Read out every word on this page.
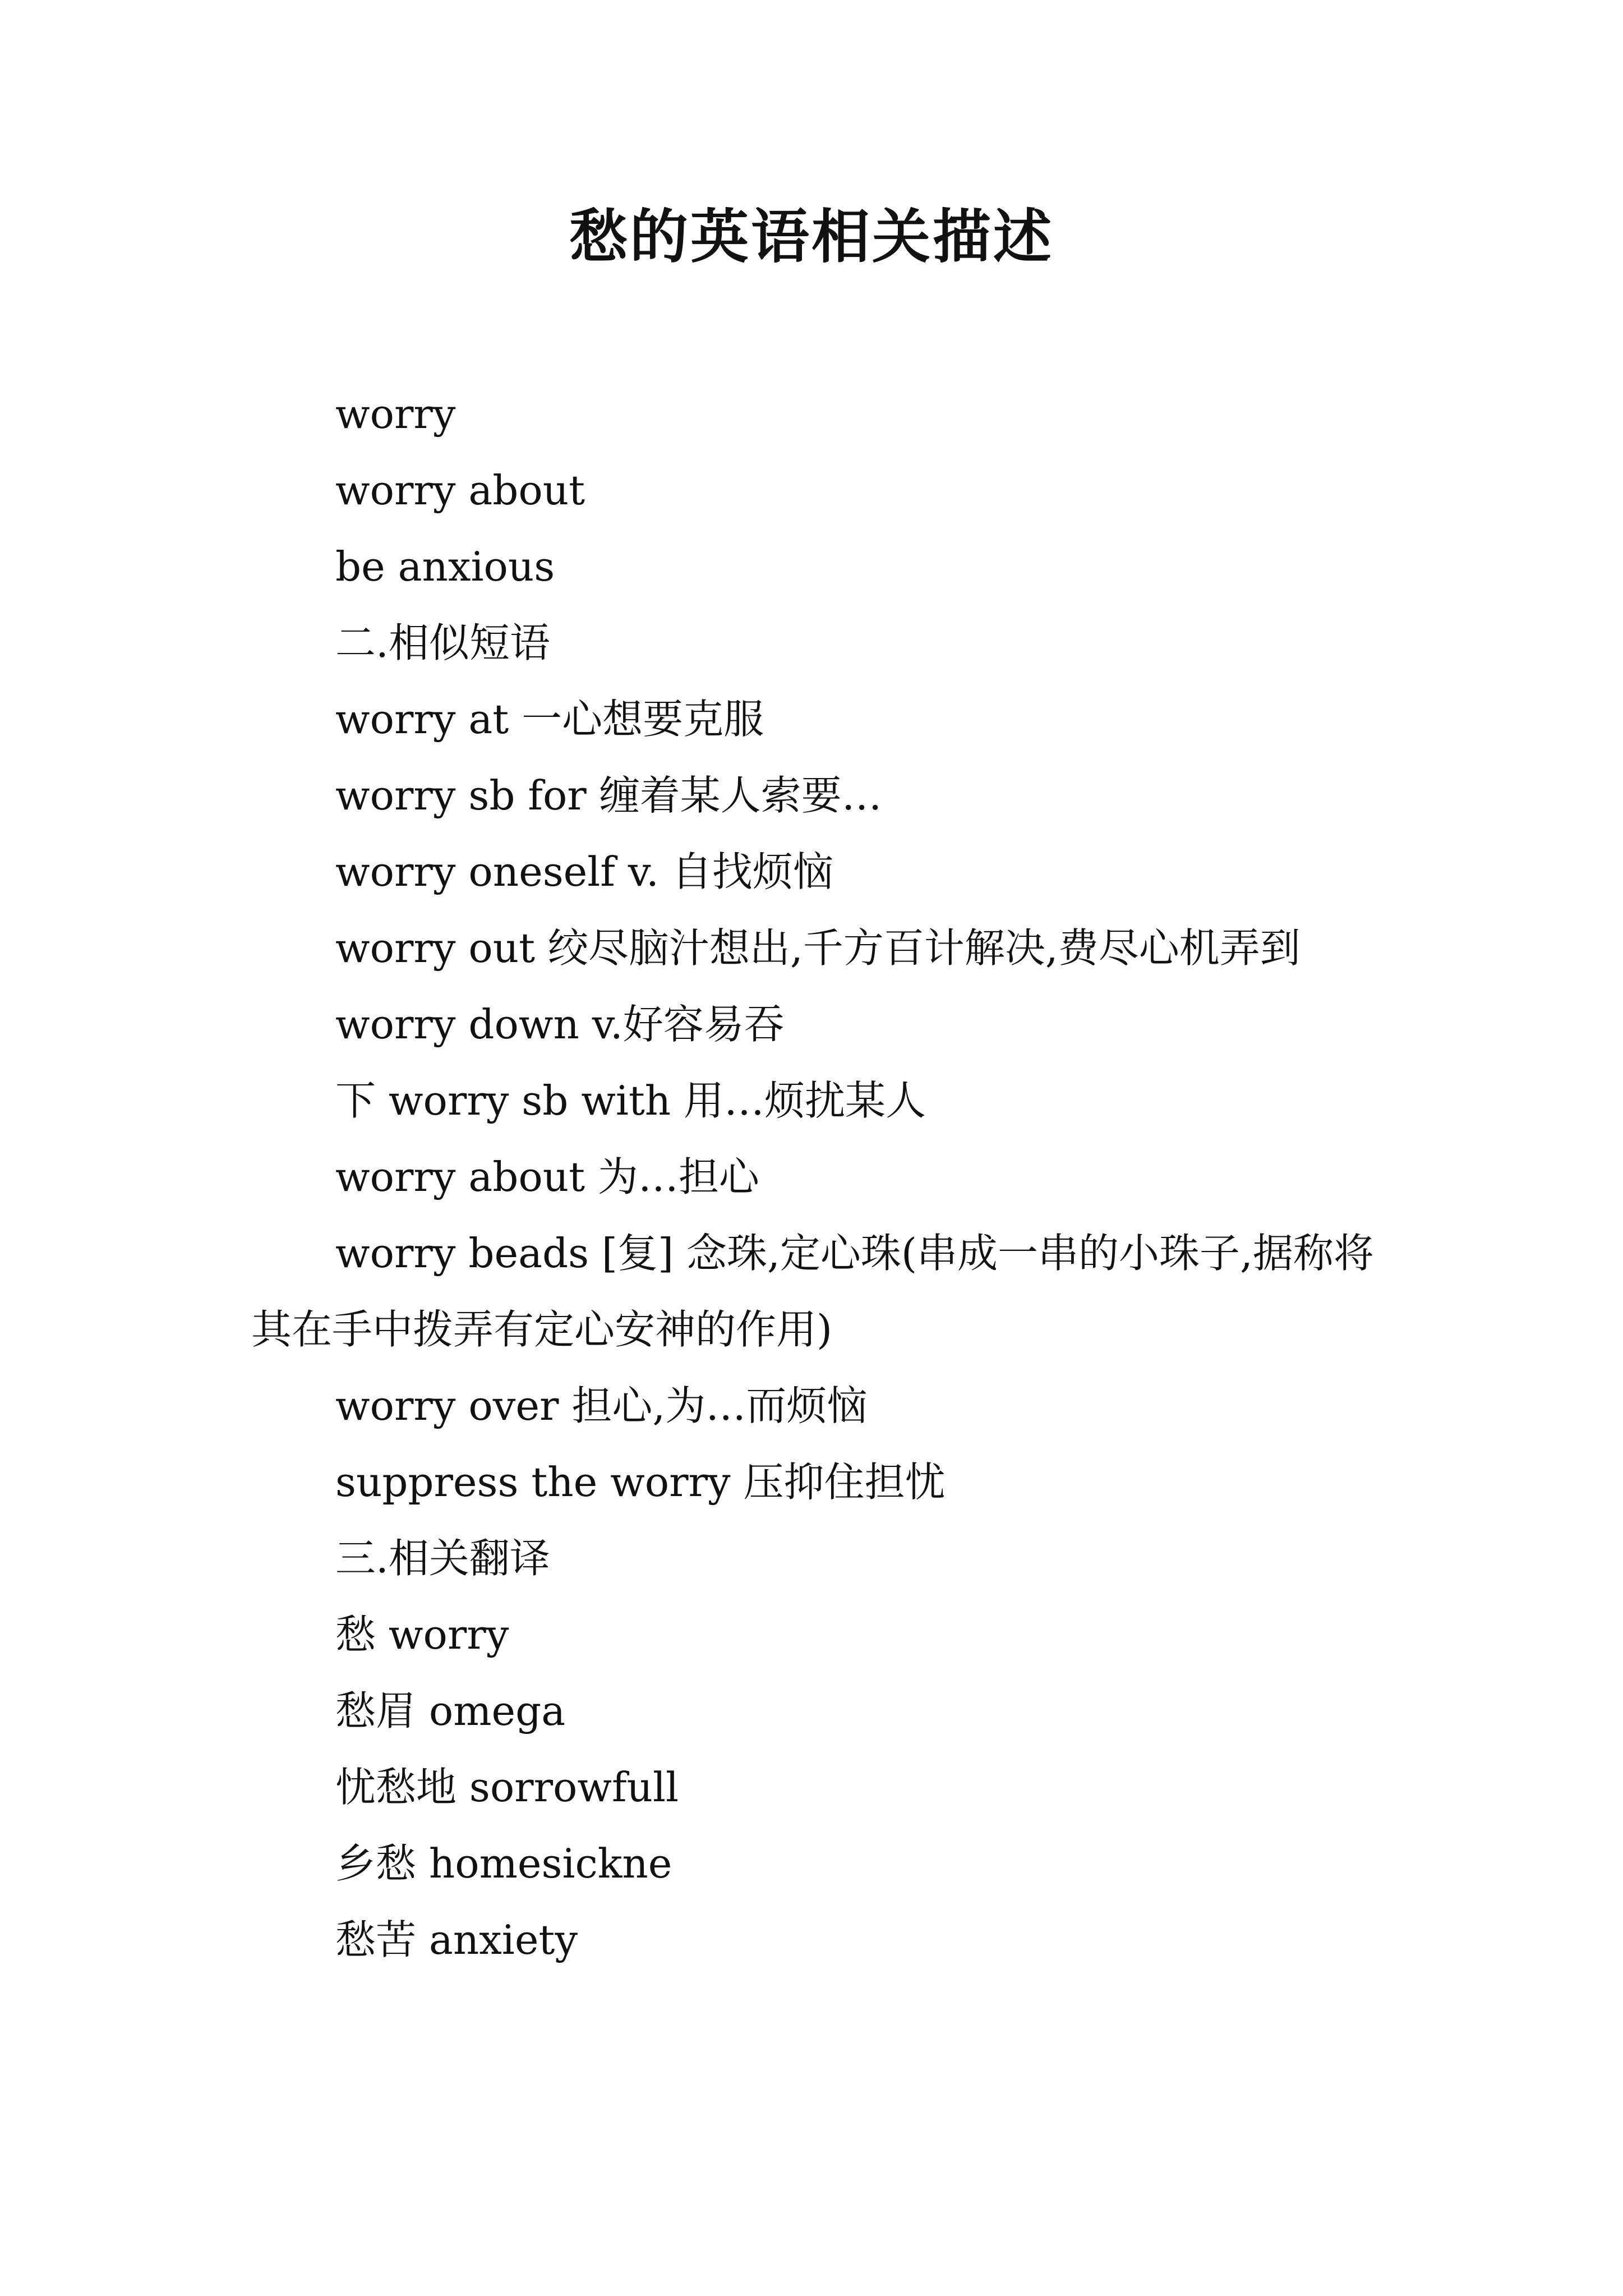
愁的英语相关描述

worry

worry about

be anxious

二.相似短语

worry at 一心想要克服

worry sb for 缠着某人索要…

worry oneself v. 自找烦恼

worry out 绞尽脑汁想出,千方百计解决,费尽心机弄到

worry down v.好容易吞

下 worry sb with 用…烦扰某人

worry about 为…担心

worry beads [复] 念珠,定心珠(串成一串的小珠子,据称将其在手中拨弄有定心安神的作用)

worry over 担心,为…而烦恼

suppress the worry 压抑住担忧

三.相关翻译

愁 worry

愁眉 omega

忧愁地 sorrowfull

乡愁 homesickne

愁苦 anxiety
